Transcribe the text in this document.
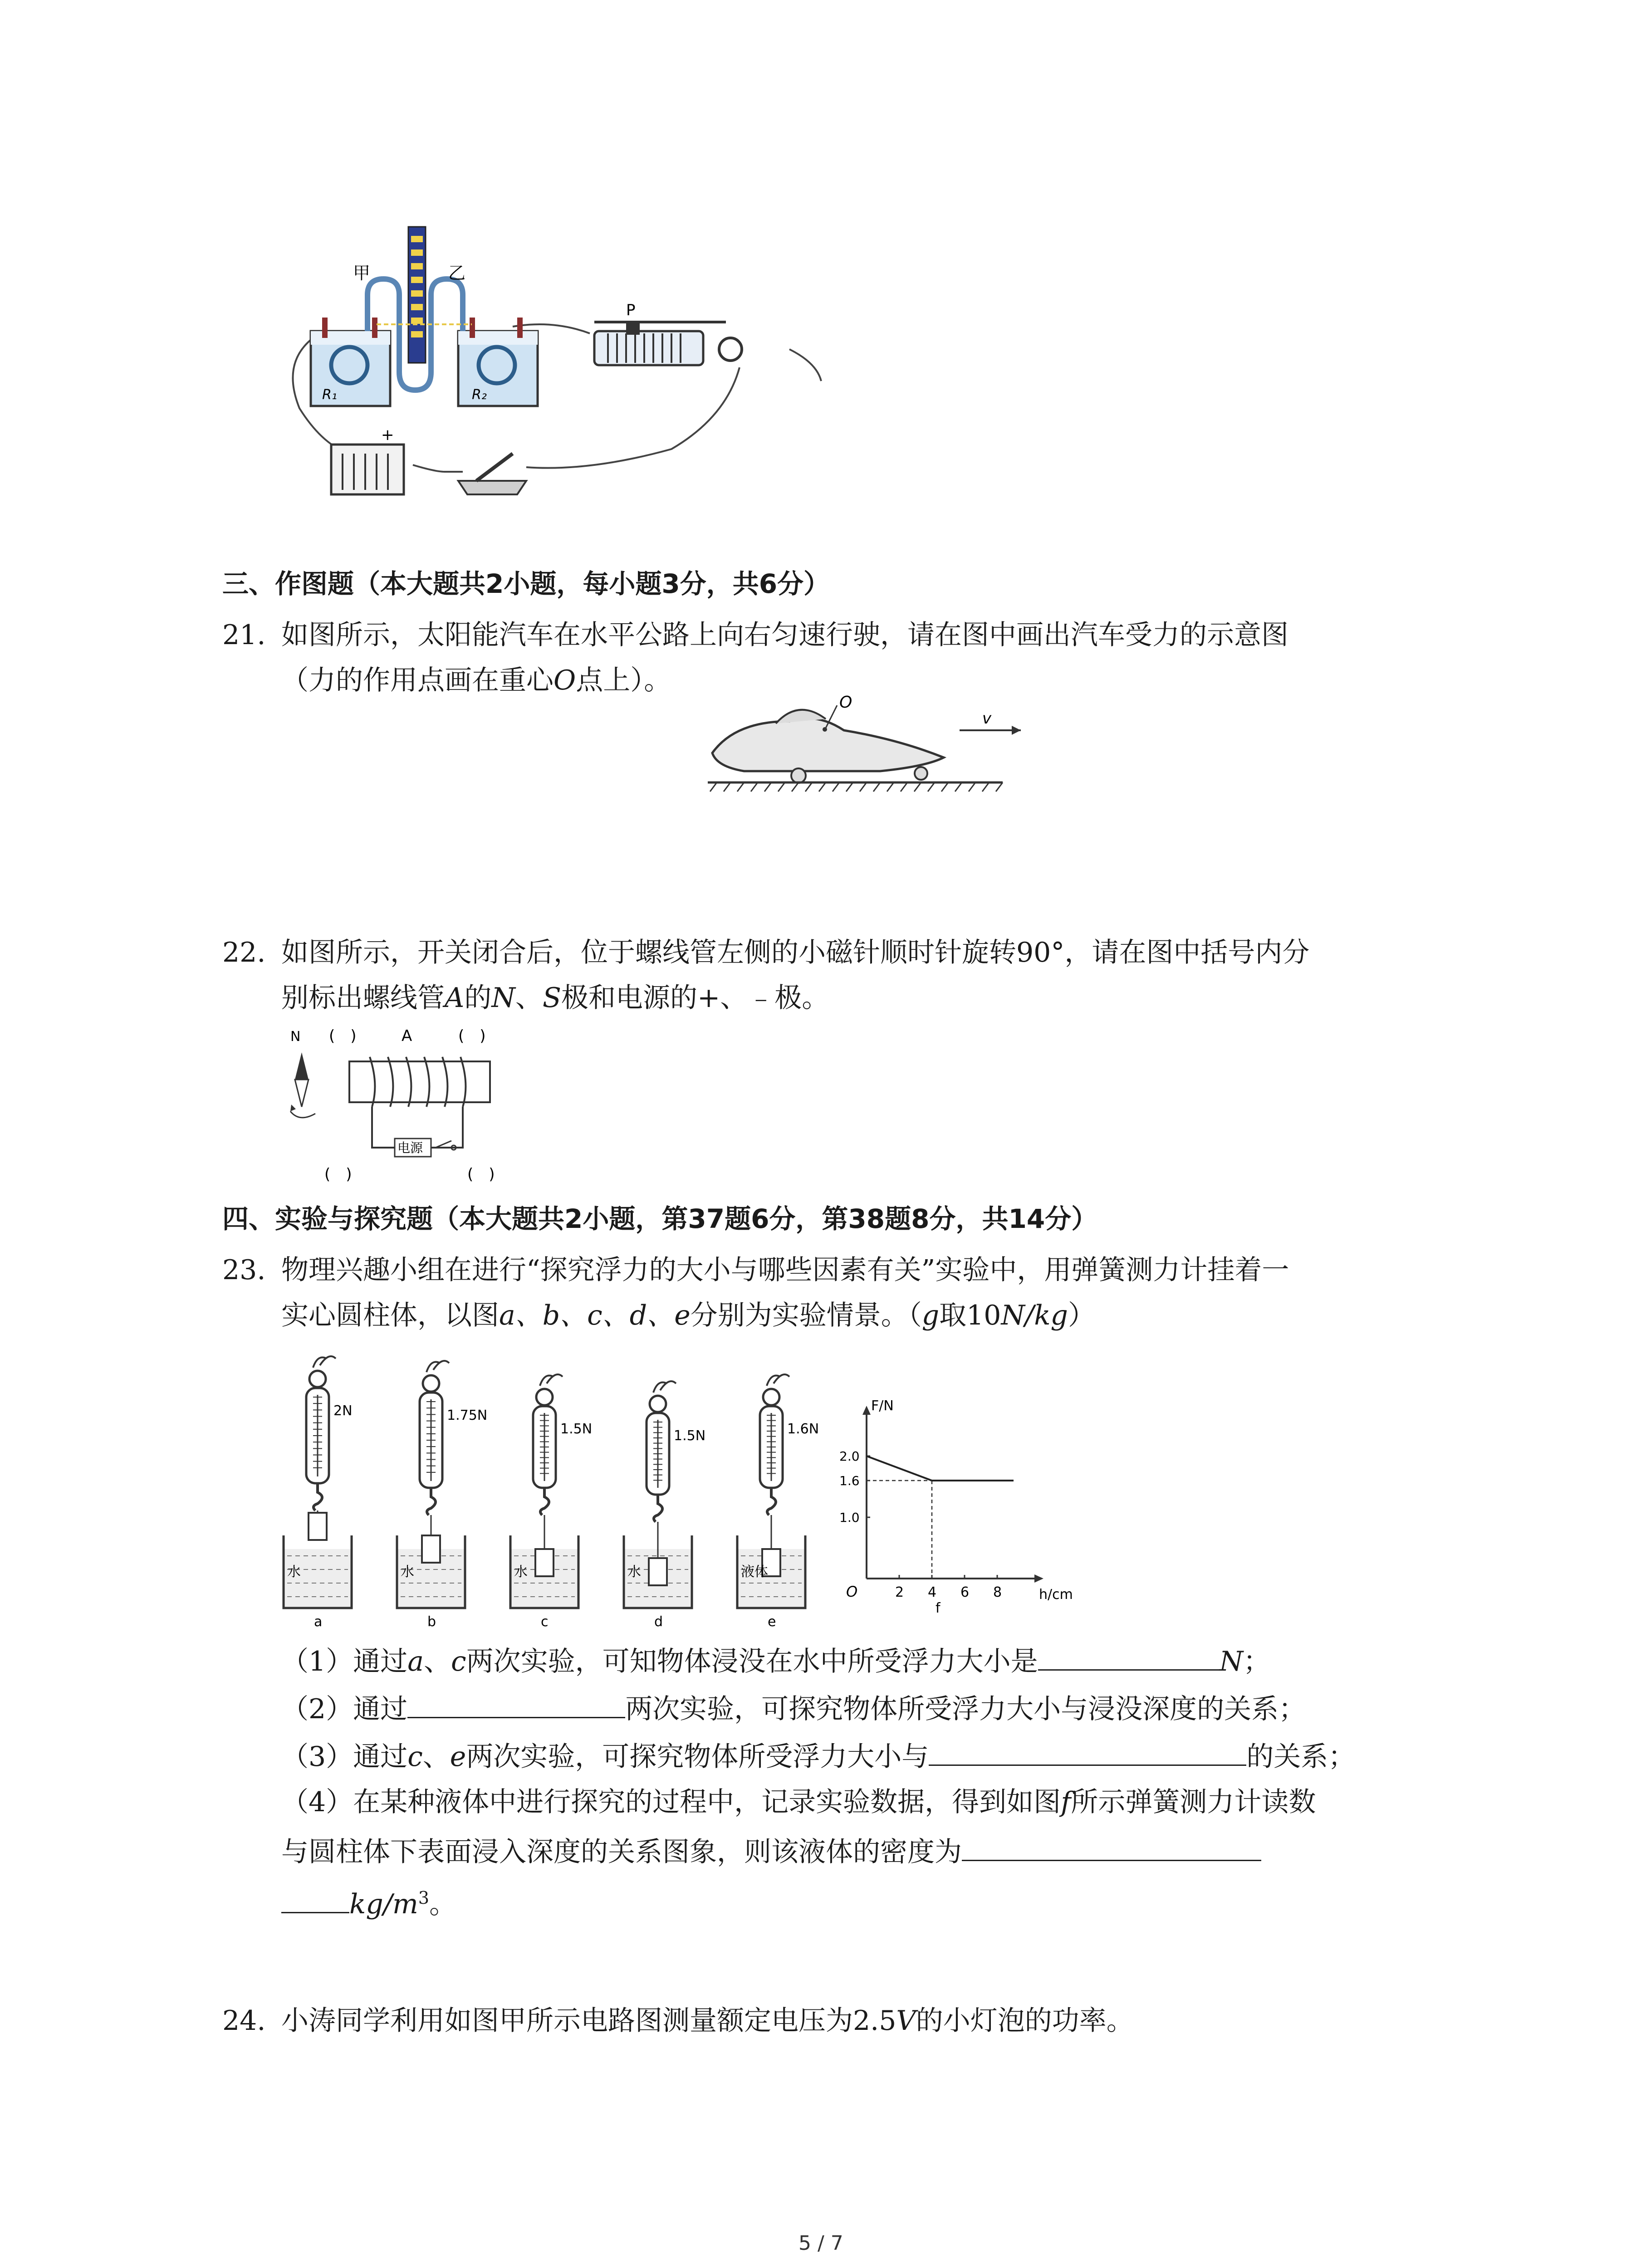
R₁	R₂
甲	乙
P
+
三、作图题（本大题共2小题，每小题3分，共6分）
21. 如图所示，太阳能汽车在水平公路上向右匀速行驶，请在图中画出汽车受力的示意图
（力的作用点画在重心O点上）。
O
v
22. 如图所示，开关闭合后，位于螺线管左侧的小磁针顺时针旋转90°，请在图中括号内分
别标出螺线管A的N、S极和电源的+、﹣极。
N (　)	A	(　)
电源
(　)	(　)
四、实验与探究题（本大题共2小题，第37题6分，第38题8分，共14分）
23. 物理兴趣小组在进行“探究浮力的大小与哪些因素有关”实验中，用弹簧测力计挂着一
实心圆柱体，以图a、b、c、d、e分别为实验情景。（g取10N/kg）
2N
水
a
1.75N
水
b
1.5N
水
c
1.5N
水
d
1.6N
液体
e
F/N
h/cm
O	2 4 6 8
1.0
1.6
2.0
f
（1）通过a、c两次实验，可知物体浸没在水中所受浮力大小是	N；
（2）通过	两次实验，可探究物体所受浮力大小与浸没深度的关系；
（3）通过c、e两次实验，可探究物体所受浮力大小与	的关系；
（4）在某种液体中进行探究的过程中，记录实验数据，得到如图f所示弹簧测力计读数
与圆柱体下表面浸入深度的关系图象，则该液体的密度为
$kg/m^3$。
24. 小涛同学利用如图甲所示电路图测量额定电压为2.5V的小灯泡的功率。
5 / 7
